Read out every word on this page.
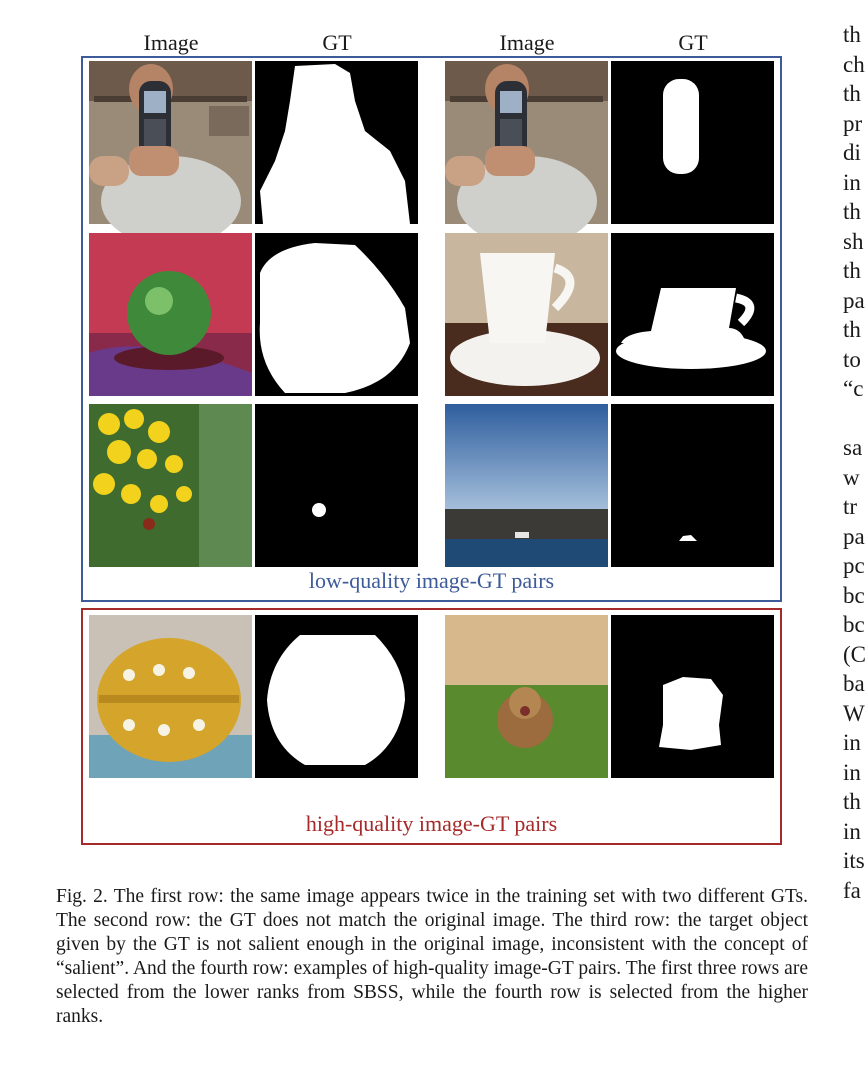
Image	GT	Image	GT
low-quality image-GT pairs
high-quality image-GT pairs
Fig. 2. The first row: the same image appears twice in the training set with two different GTs. The second row: the GT does not match the original image. The third row: the target object given by the GT is not salient enough in the original image, inconsistent with the concept of “salient”. And the fourth row: examples of high-quality image-GT pairs. The first three rows are selected from the lower ranks from SBSS, while the fourth row is selected from the higher ranks.
th
ch
th
pr
di
in
th
sh
th
pa
th
to
“c

sa
w
tr
pa
pc
bc
bc
(C
ba
W
in
in
th
in
its
fa
